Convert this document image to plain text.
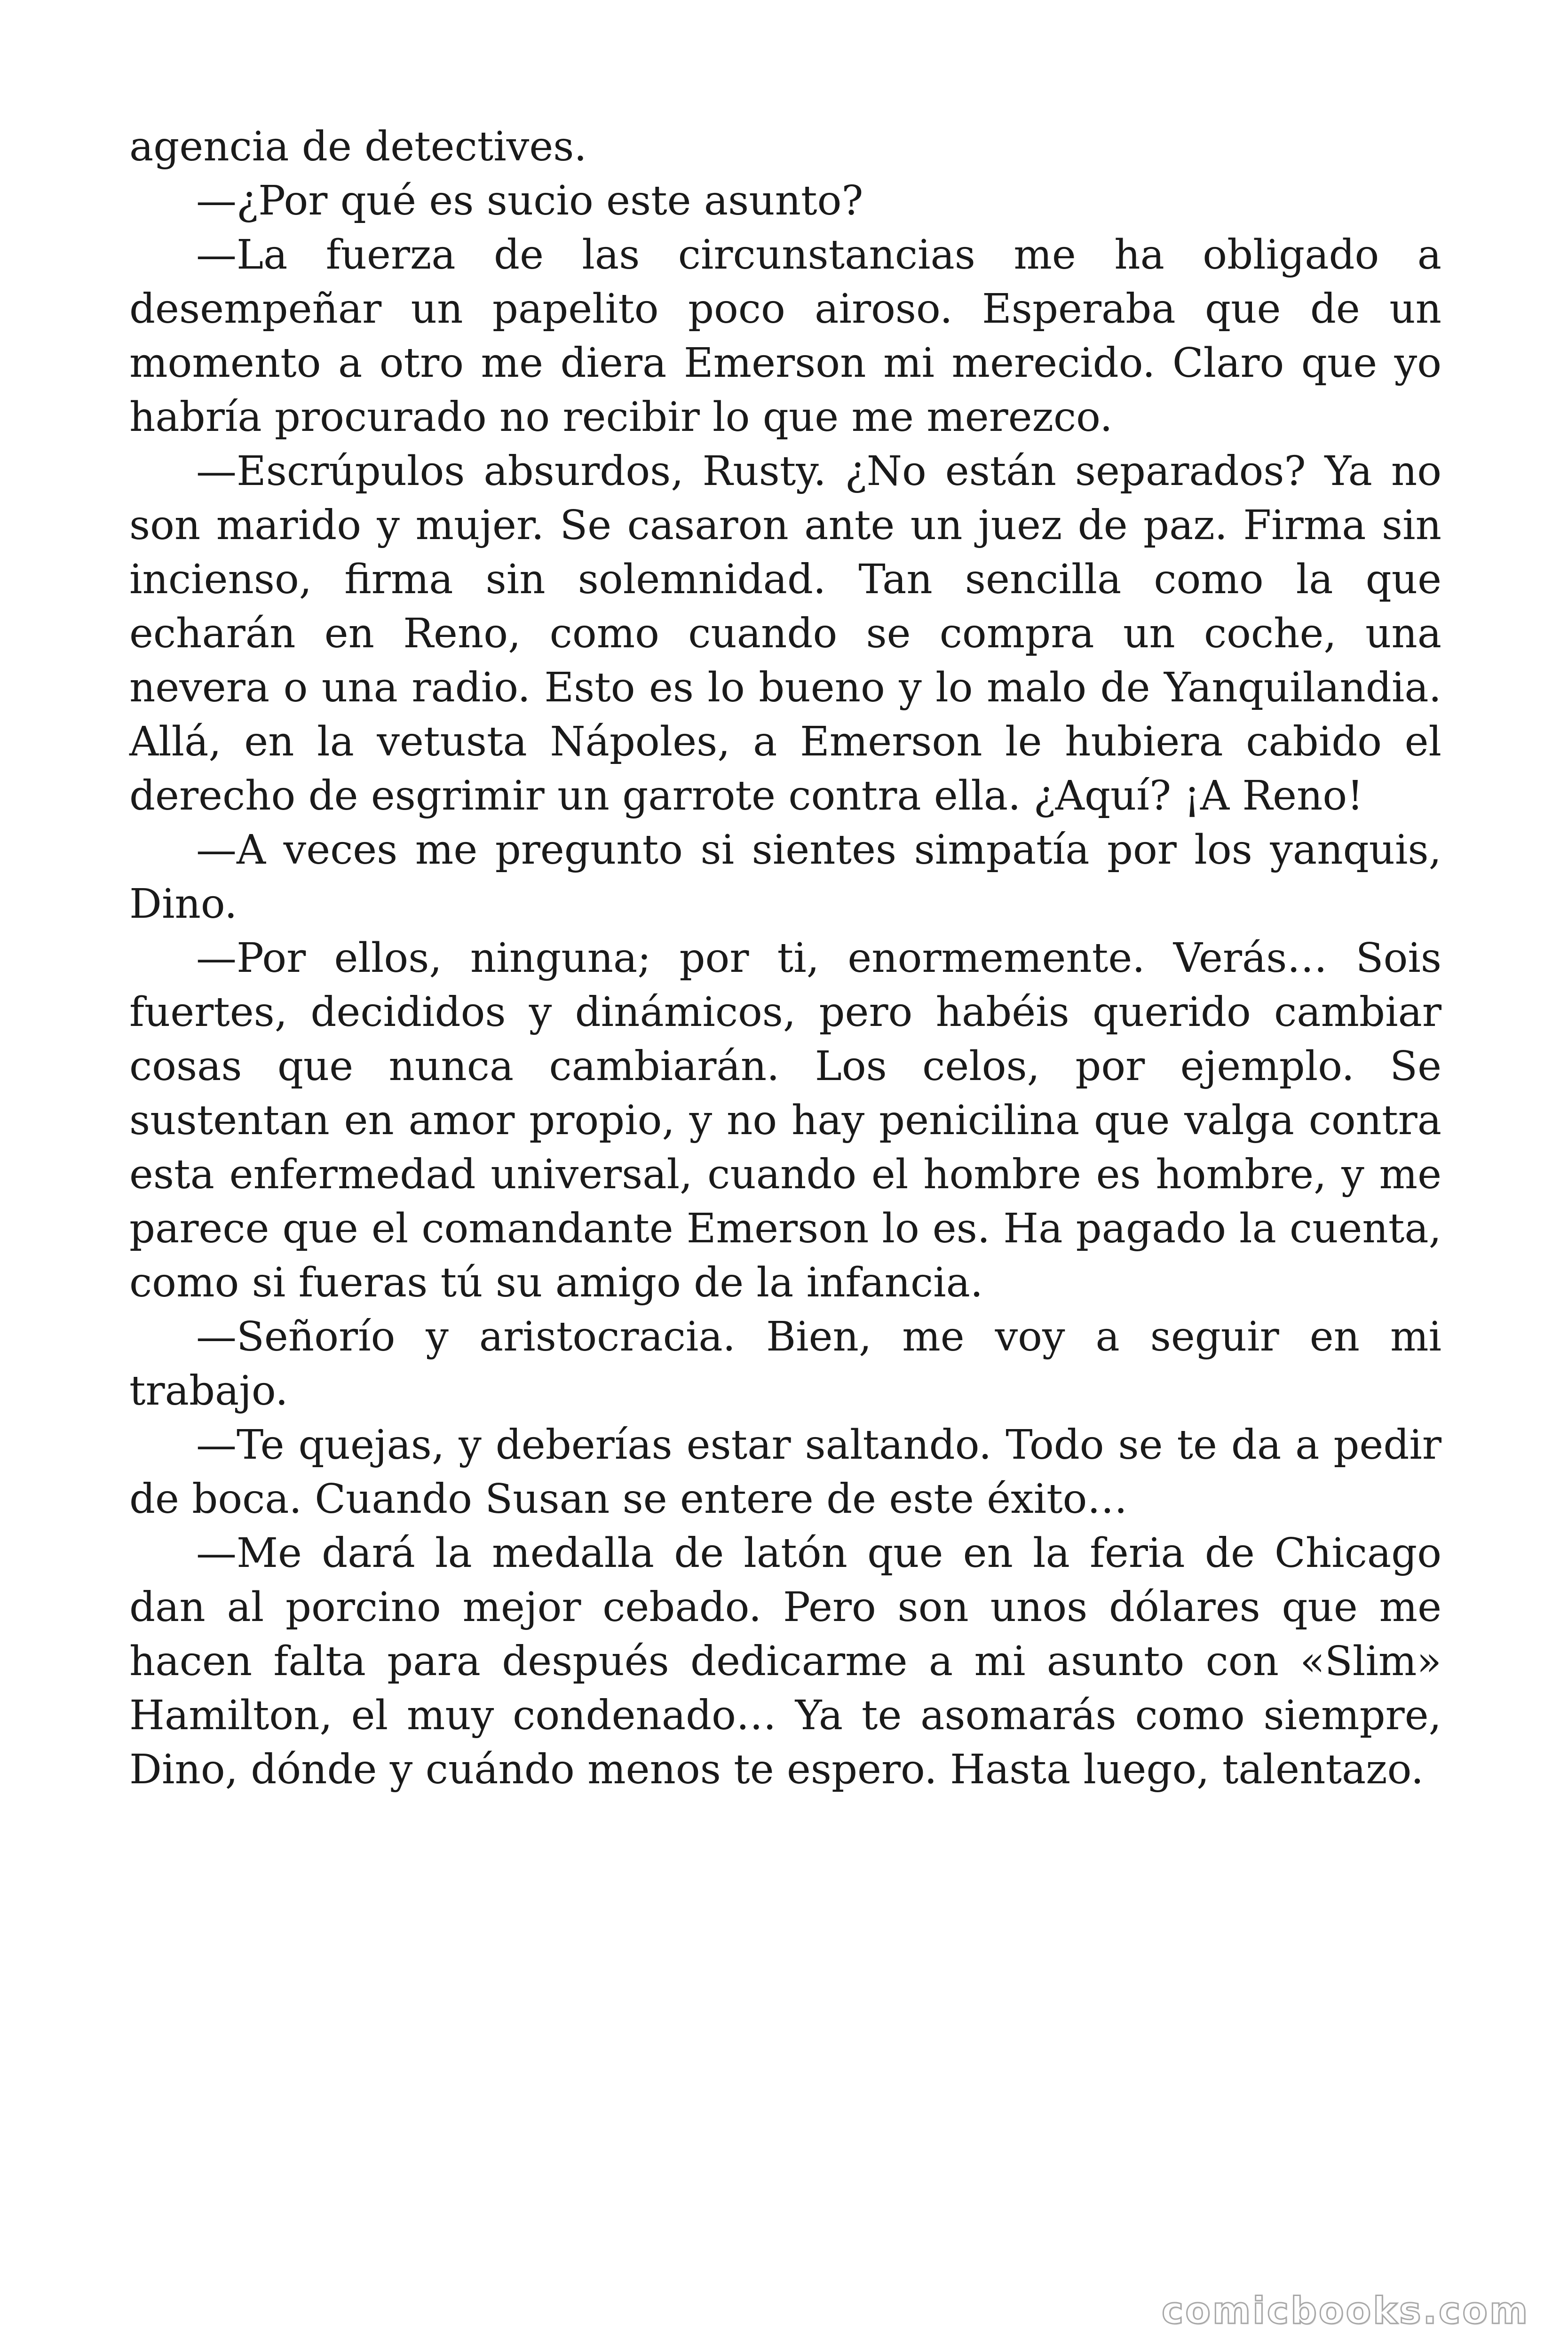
agencia de detectives.

—¿Por qué es sucio este asunto?

—La fuerza de las circunstancias me ha obligado a desempeñar un papelito poco airoso. Esperaba que de un momento a otro me diera Emerson mi merecido. Claro que yo habría procurado no recibir lo que me merezco.

—Escrúpulos absurdos, Rusty. ¿No están separados? Ya no son marido y mujer. Se casaron ante un juez de paz. Firma sin incienso, firma sin solemnidad. Tan sencilla como la que echarán en Reno, como cuando se compra un coche, una nevera o una radio. Esto es lo bueno y lo malo de Yanquilandia. Allá, en la vetusta Nápoles, a Emerson le hubiera cabido el derecho de esgrimir un garrote contra ella. ¿Aquí? ¡A Reno!

—A veces me pregunto si sientes simpatía por los yanquis, Dino.

—Por ellos, ninguna; por ti, enormemente. Verás… Sois fuertes, decididos y dinámicos, pero habéis querido cambiar cosas que nunca cambiarán. Los celos, por ejemplo. Se sustentan en amor propio, y no hay penicilina que valga contra esta enfermedad universal, cuando el hombre es hombre, y me parece que el comandante Emerson lo es. Ha pagado la cuenta, como si fueras tú su amigo de la infancia.

—Señorío y aristocracia. Bien, me voy a seguir en mi trabajo.

—Te quejas, y deberías estar saltando. Todo se te da a pedir de boca. Cuando Susan se entere de este éxito…

—Me dará la medalla de latón que en la feria de Chicago dan al porcino mejor cebado. Pero son unos dólares que me hacen falta para después dedicarme a mi asunto con «Slim» Hamilton, el muy condenado… Ya te asomarás como siempre, Dino, dónde y cuándo menos te espero. Hasta luego, talentazo.

comicbooks.com
